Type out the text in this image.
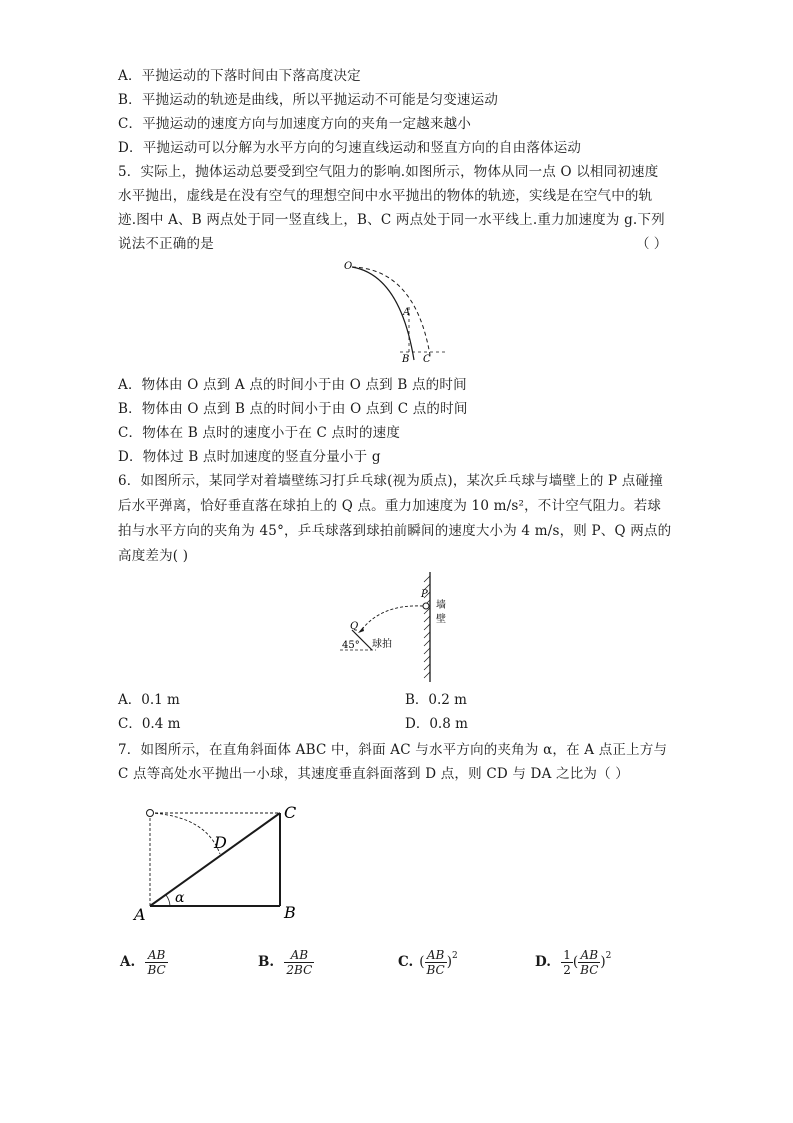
A．平抛运动的下落时间由下落高度决定
B．平抛运动的轨迹是曲线，所以平抛运动不可能是匀变速运动
C．平抛运动的速度方向与加速度方向的夹角一定越来越小
D．平抛运动可以分解为水平方向的匀速直线运动和竖直方向的自由落体运动
5．实际上，抛体运动总要受到空气阻力的影响.如图所示，物体从同一点 O 以相同初速度
水平抛出，虚线是在没有空气的理想空间中水平抛出的物体的轨迹，实线是在空气中的轨
迹.图中 A、B 两点处于同一竖直线上，B、C 两点处于同一水平线上.重力加速度为 g.下列
说法不正确的是	（ ）
O
A
B C
A．物体由 O 点到 A 点的时间小于由 O 点到 B 点的时间
B．物体由 O 点到 B 点的时间小于由 O 点到 C 点的时间
C．物体在 B 点时的速度小于在 C 点时的速度
D．物体过 B 点时加速度的竖直分量小于 g
6．如图所示，某同学对着墙壁练习打乒乓球(视为质点)，某次乒乓球与墙壁上的 P 点碰撞
后水平弹离，恰好垂直落在球拍上的 Q 点。重力加速度为 10 m/s²，不计空气阻力。若球
拍与水平方向的夹角为 45°，乒乓球落到球拍前瞬间的速度大小为 4 m/s，则 P、Q 两点的
高度差为( )
P
Q
墙
壁
45° 球拍
A．0.1 m	B．0.2 m
C．0.4 m	D．0.8 m
7．如图所示，在直角斜面体 ABC 中，斜面 AC 与水平方向的夹角为 α，在 A 点正上方与
C 点等高处水平抛出一小球，其速度垂直斜面落到 D 点，则 CD 与 DA 之比为（ ）
A	B
C
D
α
A. $\frac{AB}{BC}$	B. $\frac{AB}{2BC}$	C. ( $\frac{AB}{BC} )^2$	D. $\frac{1}{2}$ ( $\frac{AB}{BC} )^2$
